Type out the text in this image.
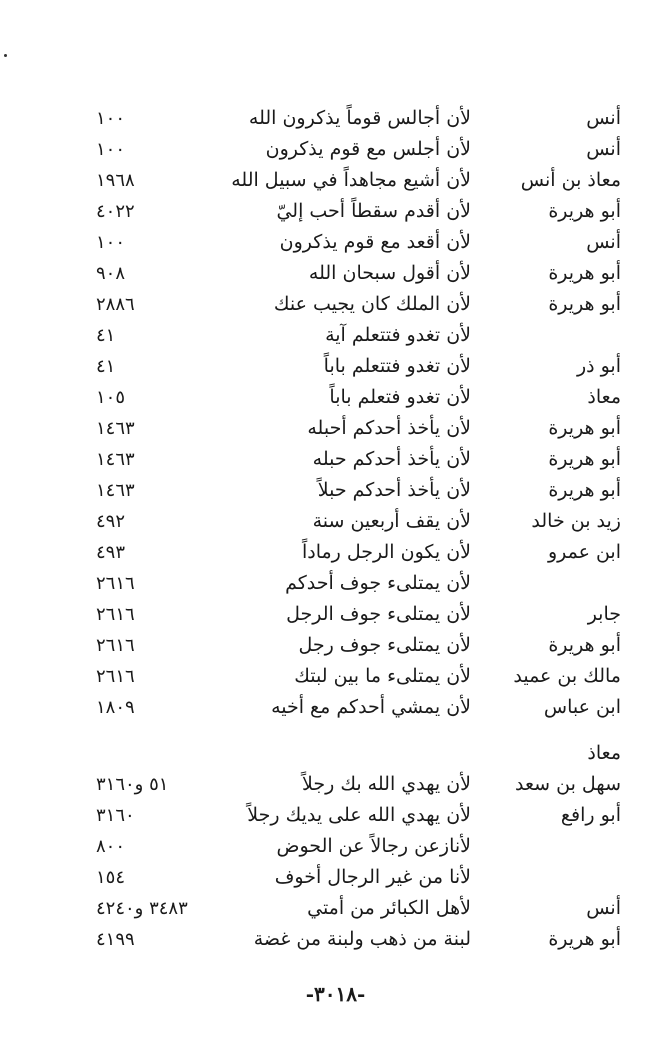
أنس
لأن أجالس قوماً يذكرون الله
١٠٠
أنس
لأن أجلس مع قوم يذكرون
١٠٠
معاذ بن أنس
لأن أشيع مجاهداً في سبيل الله
١٩٦٨
أبو هريرة
لأن أقدم سقطاً أحب إليّ
٤٠٢٢
أنس
لأن أقعد مع قوم يذكرون
١٠٠
أبو هريرة
لأن أقول سبحان الله
٩٠٨
أبو هريرة
لأن الملك كان يجيب عنك
٢٨٨٦
لأن تغدو فتتعلم آية
٤١
أبو ذر
لأن تغدو فتتعلم باباً
٤١
معاذ
لأن تغدو فتعلم باباً
١٠٥
أبو هريرة
لأن يأخذ أحدكم أحبله
١٤٦٣
أبو هريرة
لأن يأخذ أحدكم حبله
١٤٦٣
أبو هريرة
لأن يأخذ أحدكم حبلاً
١٤٦٣
زيد بن خالد
لأن يقف أربعين سنة
٤٩٢
ابن عمرو
لأن يكون الرجل رماداً
٤٩٣
لأن يمتلىء جوف أحدكم
٢٦١٦
جابر
لأن يمتلىء جوف الرجل
٢٦١٦
أبو هريرة
لأن يمتلىء جوف رجل
٢٦١٦
مالك بن عميد
لأن يمتلىء ما بين لبتك
٢٦١٦
ابن عباس
لأن يمشي أحدكم مع أخيه
١٨٠٩
سهل بن سعد
لأن يهدي الله بك رجلاً
٥١ و٣١٦٠
أبو رافع
لأن يهدي الله على يديك رجلاً
٣١٦٠
لأنازعن رجالاً عن الحوض
٨٠٠
لأنا من غير الرجال أخوف
١٥٤
أنس
لأهل الكبائر من أمتي
٣٤٨٣ و٤٢٤٠
أبو هريرة
لبنة من ذهب ولبنة من غضة
٤١٩٩
معاذ
-٣٠١٨-
